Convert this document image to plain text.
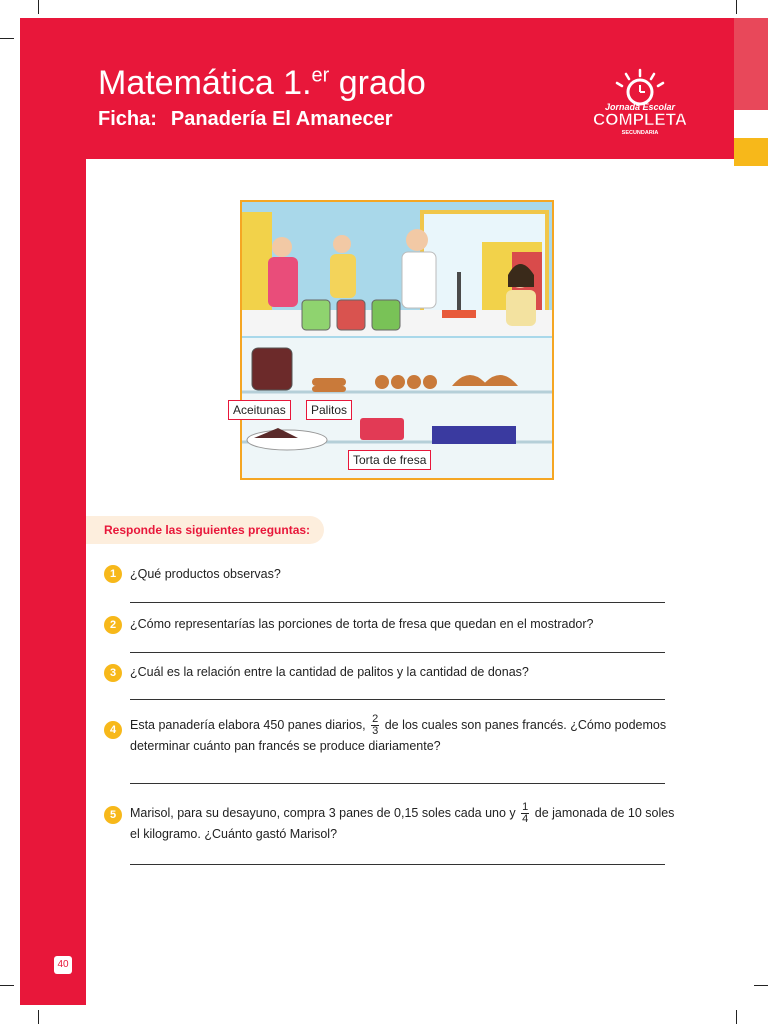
Matemática 1.$^{er}$ grado
Ficha: Panadería El Amanecer
Jornada Escolar
COMPLETA
SECUNDARIA
Aceitunas	Palitos
Torta de fresa
Responde las siguientes preguntas:
1	¿Qué productos observas?
2	¿Cómo representarías las porciones de torta de fresa que quedan en el mostrador?
3	¿Cuál es la relación entre la cantidad de palitos y la cantidad de donas?
4	Esta panadería elabora 450 panes diarios, $\frac{2}{3}$ de los cuales son panes francés. ¿Cómo podemos
determinar cuánto pan francés se produce diariamente?
5	Marisol, para su desayuno, compra 3 panes de 0,15 soles cada uno y $\frac{1}{4}$ de jamonada de 10 soles
el kilogramo. ¿Cuánto gastó Marisol?
40
